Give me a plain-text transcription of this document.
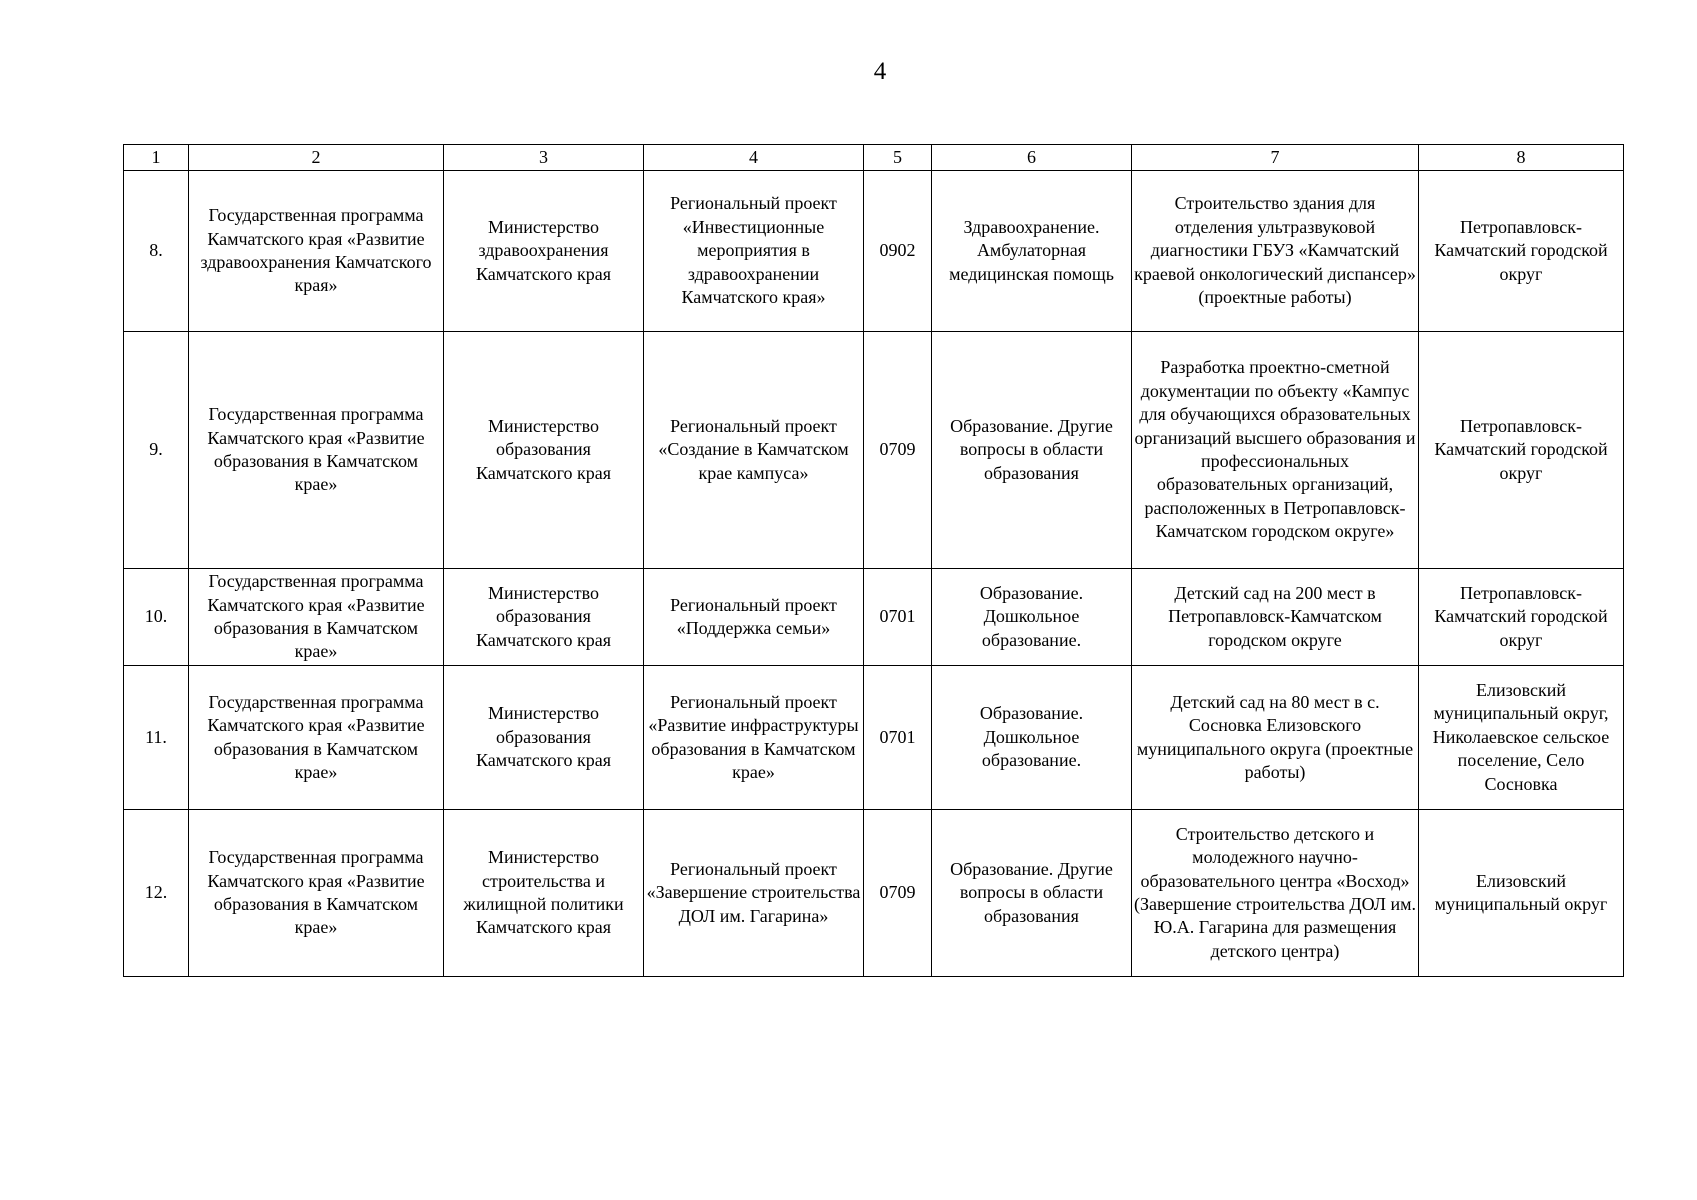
4
1	2	3	4	5	6	7	8
8.	Государственная программа Камчатского края «Развитие здравоохранения Камчатского края»	Министерство здравоохранения Камчатского края	Региональный проект «Инвестиционные мероприятия в здравоохранении Камчатского края»	0902	Здравоохранение. Амбулаторная медицинская помощь	Строительство здания для отделения ультразвуковой диагностики ГБУЗ «Камчатский краевой онкологический диспансер» (проектные работы)	Петропавловск-Камчатский городской округ
9.	Государственная программа Камчатского края «Развитие образования в Камчатском крае»	Министерство образования Камчатского края	Региональный проект «Создание в Камчатском крае кампуса»	0709	Образование. Другие вопросы в области образования	Разработка проектно-сметной документации по объекту «Кампус для обучающихся образовательных организаций высшего образования и профессиональных образовательных организаций, расположенных в Петропавловск-Камчатском городском округе»	Петропавловск-Камчатский городской округ
10.	Государственная программа Камчатского края «Развитие образования в Камчатском крае»	Министерство образования Камчатского края	Региональный проект «Поддержка семьи»	0701	Образование. Дошкольное образование.	Детский сад на 200 мест в Петропавловск-Камчатском городском округе	Петропавловск-Камчатский городской округ
11.	Государственная программа Камчатского края «Развитие образования в Камчатском крае»	Министерство образования Камчатского края	Региональный проект «Развитие инфраструктуры образования в Камчатском крае»	0701	Образование. Дошкольное образование.	Детский сад на 80 мест в с. Сосновка Елизовского муниципального округа (проектные работы)	Елизовский муниципальный округ, Николаевское сельское поселение, Село Сосновка
12.	Государственная программа Камчатского края «Развитие образования в Камчатском крае»	Министерство строительства и жилищной политики Камчатского края	Региональный проект «Завершение строительства ДОЛ им. Гагарина»	0709	Образование. Другие вопросы в области образования	Строительство детского и молодежного научно-образовательного центра «Восход» (Завершение строительства ДОЛ им. Ю.А. Гагарина для размещения детского центра)	Елизовский муниципальный округ
